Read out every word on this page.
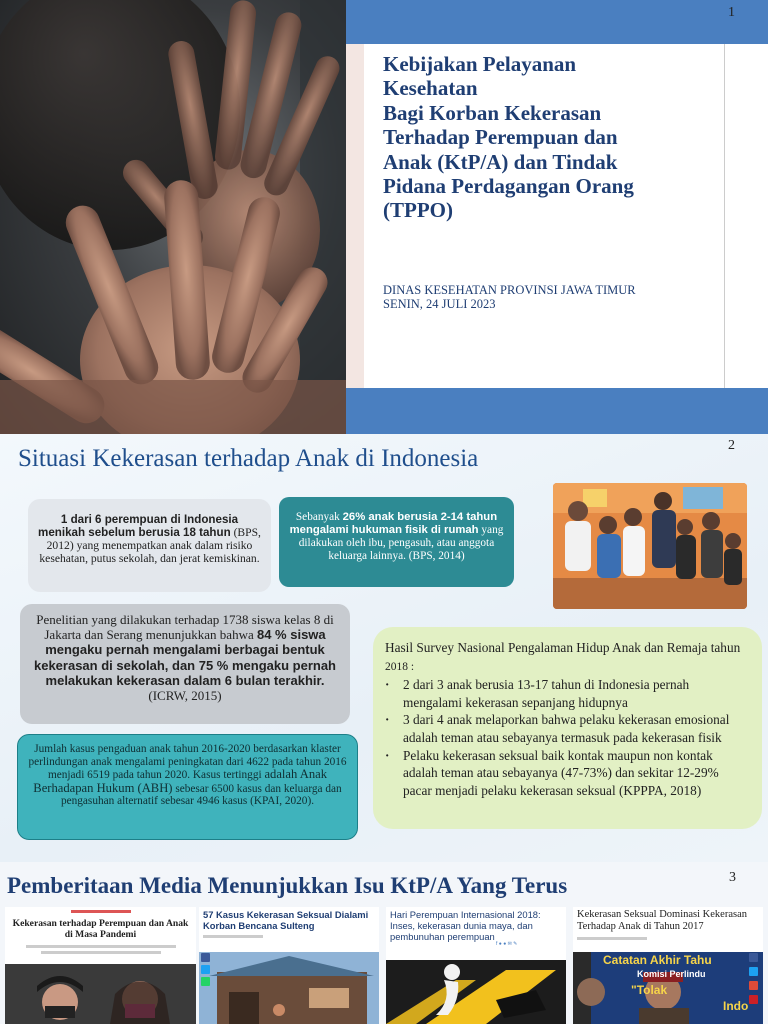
1
Kebijakan Pelayanan
Kesehatan
Bagi Korban Kekerasan
Terhadap Perempuan dan
Anak (KtP/A) dan Tindak
Pidana Perdagangan Orang
(TPPO)
DINAS KESEHATAN PROVINSI JAWA TIMUR
SENIN, 24 JULI 2023
2
Situasi Kekerasan terhadap Anak di Indonesia
1 dari 6 perempuan di Indonesia menikah sebelum berusia 18 tahun (BPS, 2012) yang menempatkan anak dalam risiko kesehatan, putus sekolah, dan jerat kemiskinan.
Sebanyak 26% anak berusia 2-14 tahun mengalami hukuman fisik di rumah yang dilakukan oleh ibu, pengasuh, atau anggota keluarga lainnya. (BPS, 2014)
Penelitian yang dilakukan terhadap 1738 siswa kelas 8 di Jakarta dan Serang menunjukkan bahwa 84 % siswa mengaku pernah mengalami berbagai bentuk kekerasan di sekolah, dan 75 % mengaku pernah melakukan kekerasan dalam 6 bulan terakhir. (ICRW, 2015)
Jumlah kasus pengaduan anak tahun 2016-2020 berdasarkan klaster perlindungan anak mengalami peningkatan dari 4622 pada tahun 2016 menjadi 6519 pada tahun 2020. Kasus tertinggi adalah Anak Berhadapan Hukum (ABH) sebesar 6500 kasus dan keluarga dan pengasuhan alternatif sebesar 4946 kasus (KPAI, 2020).
Hasil Survey Nasional Pengalaman Hidup Anak dan Remaja tahun 2018 :
· 2 dari 3 anak berusia 13-17 tahun di Indonesia pernah mengalami kekerasan sepanjang hidupnya
· 3 dari 4 anak melaporkan bahwa pelaku kekerasan emosional adalah teman atau sebayanya termasuk pada kekerasan fisik
· Pelaku kekerasan seksual baik kontak maupun non kontak adalah teman atau sebayanya (47-73%) dan sekitar 12-29% pacar menjadi pelaku kekerasan seksual (KPPPA, 2018)
Pemberitaan Media Menunjukkan Isu KtP/A Yang Terus	3
Kekerasan terhadap Perempuan dan Anak di Masa Pandemi
57 Kasus Kekerasan Seksual Dialami Korban Bencana Sulteng
Hari Perempuan Internasional 2018: Inses, kekerasan dunia maya, dan pembunuhan perempuan
f ● ● ✉ ✎
Kekerasan Seksual Dominasi Kekerasan Terhadap Anak di Tahun 2017
Catatan Akhir Tahu
Komisi Perlindu
"Tolak
Indo
